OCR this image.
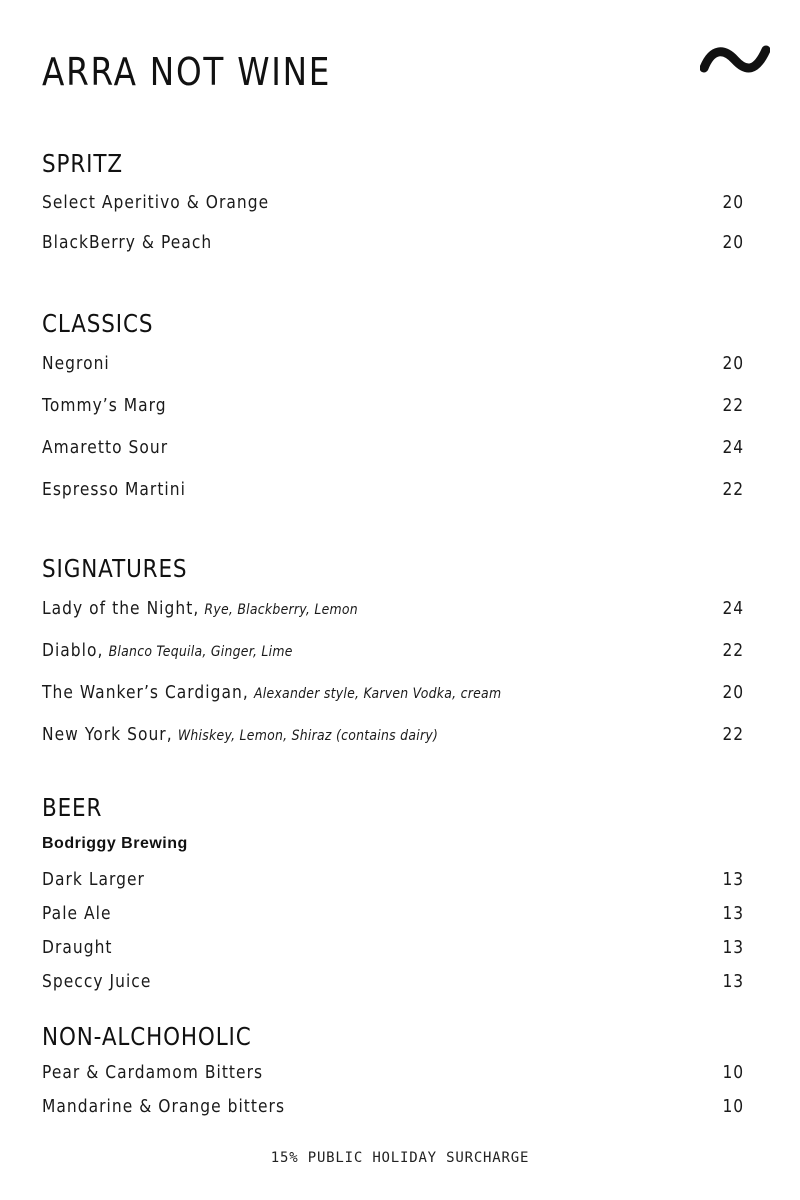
ARRA NOT WINE
SPRITZ
Select Aperitivo & Orange	20
BlackBerry & Peach	20
CLASSICS
Negroni	20
Tommy’s Marg	22
Amaretto Sour	24
Espresso Martini	22
SIGNATURES
Lady of the Night, Rye, Blackberry, Lemon	24
Diablo, Blanco Tequila, Ginger, Lime	22
The Wanker’s Cardigan, Alexander style, Karven Vodka, cream	20
New York Sour, Whiskey, Lemon, Shiraz (contains dairy)	22
BEER
Bodriggy Brewing
Dark Larger	13
Pale Ale	13
Draught	13
Speccy Juice	13
NON-ALCHOHOLIC
Pear & Cardamom Bitters	10
Mandarine & Orange bitters	10
15% PUBLIC HOLIDAY SURCHARGE
